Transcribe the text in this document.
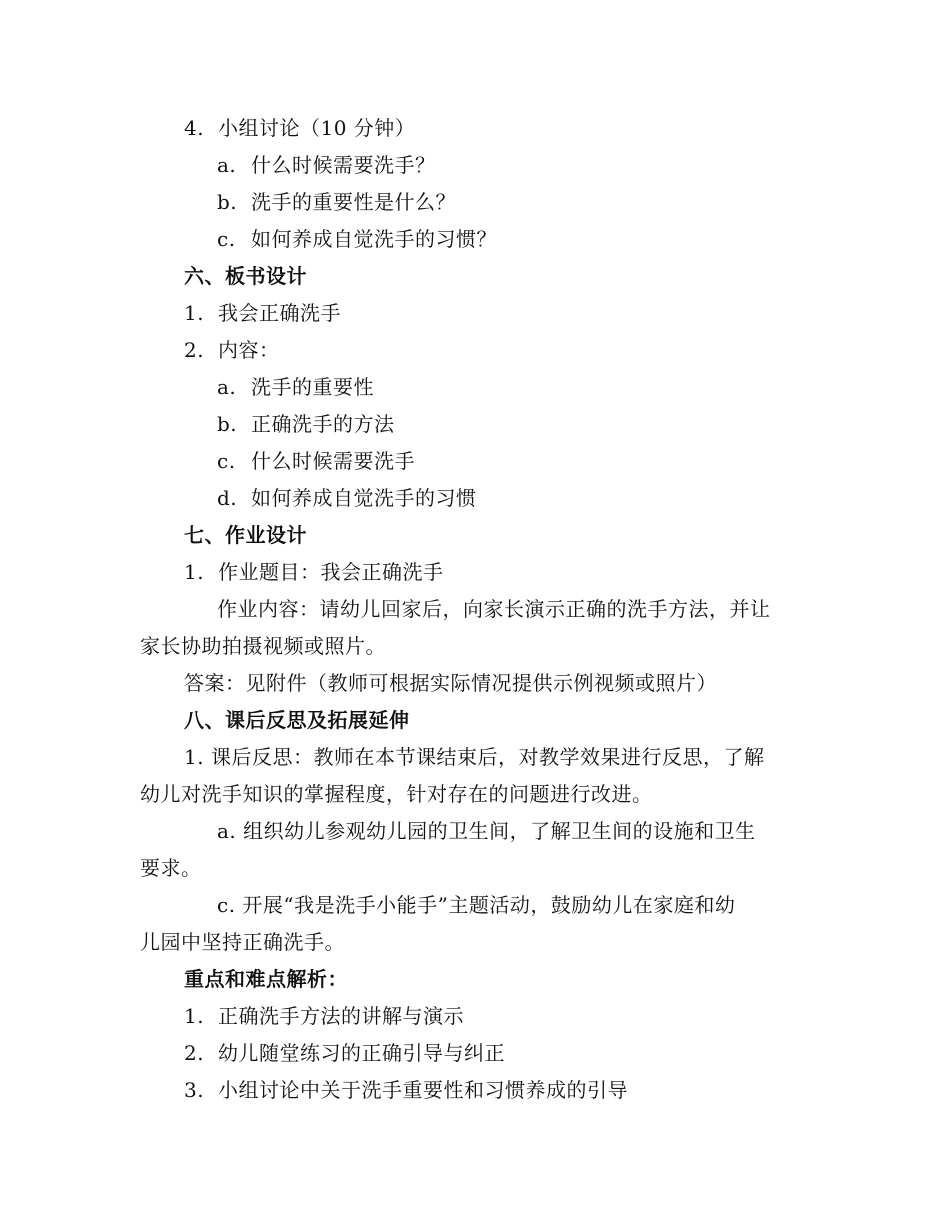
4. 小组讨论（10 分钟）
a. 什么时候需要洗手？
b. 洗手的重要性是什么？
c. 如何养成自觉洗手的习惯？
六、板书设计
1. 我会正确洗手
2. 内容：
a. 洗手的重要性
b. 正确洗手的方法
c. 什么时候需要洗手
d. 如何养成自觉洗手的习惯
七、作业设计
1. 作业题目：我会正确洗手
作业内容：请幼儿回家后，向家长演示正确的洗手方法，并让
家长协助拍摄视频或照片。
答案：见附件（教师可根据实际情况提供示例视频或照片）
八、课后反思及拓展延伸
1. 课后反思：教师在本节课结束后，对教学效果进行反思，了解
幼儿对洗手知识的掌握程度，针对存在的问题进行改进。
a. 组织幼儿参观幼儿园的卫生间，了解卫生间的设施和卫生
要求。
c. 开展“我是洗手小能手”主题活动，鼓励幼儿在家庭和幼
儿园中坚持正确洗手。
重点和难点解析：
1. 正确洗手方法的讲解与演示
2. 幼儿随堂练习的正确引导与纠正
3. 小组讨论中关于洗手重要性和习惯养成的引导
